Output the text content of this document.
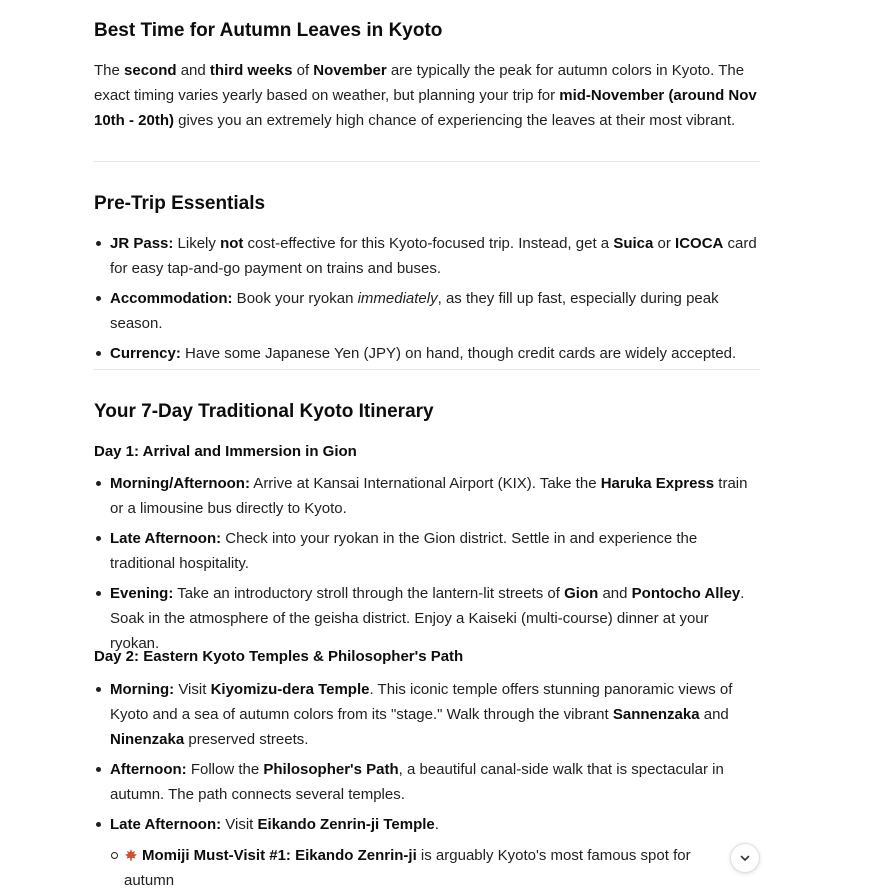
Best Time for Autumn Leaves in Kyoto

The second and third weeks of November are typically the peak for autumn colors in Kyoto. The exact timing varies yearly based on weather, but planning your trip for mid-November (around Nov 10th - 20th) gives you an extremely high chance of experiencing the leaves at their most vibrant.

Pre-Trip Essentials
JR Pass: Likely not cost-effective for this Kyoto-focused trip. Instead, get a Suica or ICOCA card for easy tap-and-go payment on trains and buses.
Accommodation: Book your ryokan immediately, as they fill up fast, especially during peak season.
Currency: Have some Japanese Yen (JPY) on hand, though credit cards are widely accepted.
Your 7-Day Traditional Kyoto Itinerary
Day 1: Arrival and Immersion in Gion
Morning/Afternoon: Arrive at Kansai International Airport (KIX). Take the Haruka Express train or a limousine bus directly to Kyoto.
Late Afternoon: Check into your ryokan in the Gion district. Settle in and experience the traditional hospitality.
Evening: Take an introductory stroll through the lantern-lit streets of Gion and Pontocho Alley. Soak in the atmosphere of the geisha district. Enjoy a Kaiseki (multi-course) dinner at your ryokan.
Day 2: Eastern Kyoto Temples & Philosopher's Path
Morning: Visit Kiyomizu-dera Temple. This iconic temple offers stunning panoramic views of Kyoto and a sea of autumn colors from its "stage." Walk through the vibrant Sannenzaka and Ninenzaka preserved streets.
Afternoon: Follow the Philosopher's Path, a beautiful canal-side walk that is spectacular in autumn. The path connects several temples.
Late Afternoon: Visit Eikando Zenrin-ji Temple.
Momiji Must-Visit #1: Eikando Zenrin-ji is arguably Kyoto's most famous spot for autumn
